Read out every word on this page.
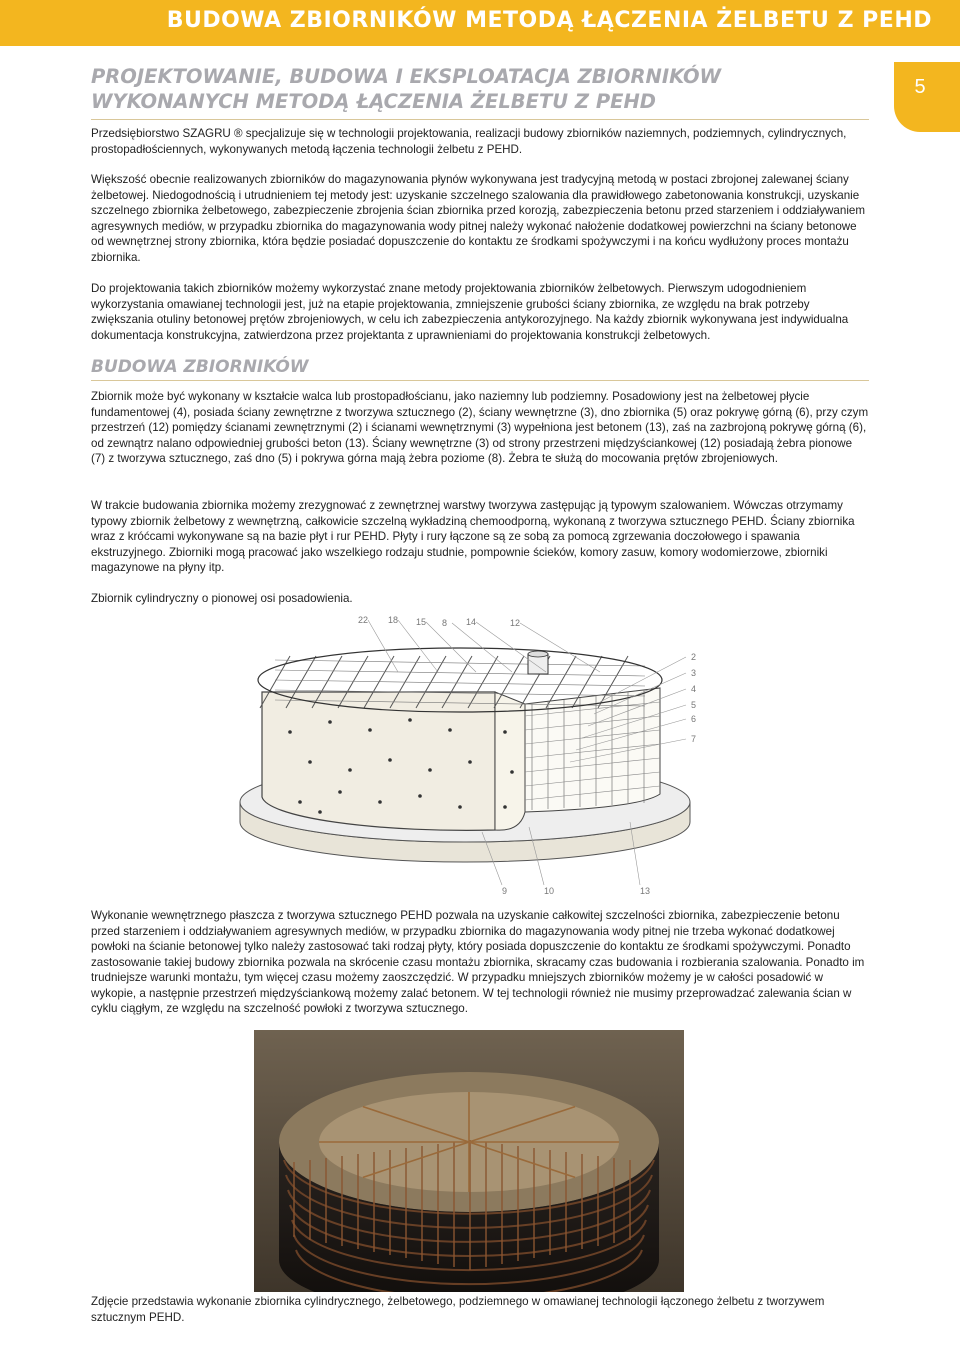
BUDOWA ZBIORNIKÓW METODĄ ŁĄCZENIA ŻELBETU Z PEHD
5
PROJEKTOWANIE, BUDOWA I EKSPLOATACJA ZBIORNIKÓW
WYKONANYCH METODĄ ŁĄCZENIA ŻELBETU Z PEHD

Przedsiębiorstwo SZAGRU ® specjalizuje się w technologii projektowania, realizacji budowy zbiorników naziemnych, podziemnych, cylindrycznych, prostopadłościennych, wykonywanych metodą łączenia technologii żelbetu z PEHD.

Większość obecnie realizowanych zbiorników do magazynowania płynów wykonywana jest tradycyjną metodą w postaci zbrojonej zalewanej ściany żelbetowej. Niedogodnością i utrudnieniem tej metody jest: uzyskanie szczelnego szalowania dla prawidłowego zabetonowania konstrukcji, uzyskanie szczelnego zbiornika żelbetowego, zabezpieczenie zbrojenia ścian zbiornika przed korozją, zabezpieczenia betonu przed starzeniem i oddziaływaniem agresywnych mediów, w przypadku zbiornika do magazynowania wody pitnej należy wykonać nałożenie dodatkowej powierzchni na ściany betonowe od wewnętrznej strony zbiornika, która będzie posiadać dopuszczenie do kontaktu ze środkami spożywczymi i na końcu wydłużony proces montażu zbiornika.

Do projektowania takich zbiorników możemy wykorzystać znane metody projektowania zbiorników żelbetowych. Pierwszym udogodnieniem wykorzystania omawianej technologii jest, już na etapie projektowania, zmniejszenie grubości ściany zbiornika, ze względu na brak potrzeby zwiększania otuliny betonowej prętów zbrojeniowych, w celu ich zabezpieczenia antykorozyjnego. Na każdy zbiornik wykonywana jest indywidualna dokumentacja konstrukcyjna, zatwierdzona przez projektanta z uprawnieniami do projektowania konstrukcji żelbetowych.

BUDOWA ZBIORNIKÓW

Zbiornik może być wykonany w kształcie walca lub prostopadłościanu, jako naziemny lub podziemny. Posadowiony jest na żelbetowej płycie fundamentowej (4), posiada ściany zewnętrzne z tworzywa sztucznego (2), ściany wewnętrzne (3), dno zbiornika (5) oraz pokrywę górną (6), przy czym przestrzeń (12) pomiędzy ścianami zewnętrznymi (2) i ścianami wewnętrznymi (3) wypełniona jest betonem (13), zaś na zazbrojoną pokrywę górną (6), od zewnątrz nalano odpowiedniej grubości beton (13). Ściany wewnętrzne (3) od strony przestrzeni międzyściankowej (12) posiadają żebra pionowe (7) z tworzywa sztucznego, zaś dno (5) i pokrywa górna mają żebra poziome (8). Żebra te służą do mocowania prętów zbrojeniowych.

W trakcie budowania zbiornika możemy zrezygnować z zewnętrznej warstwy tworzywa zastępując ją typowym szalowaniem. Wówczas otrzymamy typowy zbiornik żelbetowy z wewnętrzną, całkowicie szczelną wykładziną chemoodporną, wykonaną z tworzywa sztucznego PEHD. Ściany zbiornika wraz z króćcami wykonywane są na bazie płyt i rur PEHD. Płyty i rury łączone są ze sobą za pomocą zgrzewania doczołowego i spawania ekstruzyjnego. Zbiorniki mogą pracować jako wszelkiego rodzaju studnie, pompownie ścieków, komory zasuw, komory wodomierzowe, zbiorniki magazynowe na płyny itp.

Zbiornik cylindryczny o pionowej osi posadowienia.

22 18 15 8 14	12
2
3
4
5
6
7
9	10	13

Wykonanie wewnętrznego płaszcza z tworzywa sztucznego PEHD pozwala na uzyskanie całkowitej szczelności zbiornika, zabezpieczenie betonu przed starzeniem i oddziaływaniem agresywnych mediów, w przypadku zbiornika do magazynowania wody pitnej nie trzeba wykonać dodatkowej powłoki na ścianie betonowej tylko należy zastosować taki rodzaj płyty, który posiada dopuszczenie do kontaktu ze środkami spożywczymi. Ponadto zastosowanie takiej budowy zbiornika pozwala na skrócenie czasu montażu zbiornika, skracamy czas budowania i rozbierania szalowania. Ponadto im trudniejsze warunki montażu, tym więcej czasu możemy zaoszczędzić. W przypadku mniejszych zbiorników możemy je w całości posadowić w wykopie, a następnie przestrzeń międzyściankową możemy zalać betonem. W tej technologii również nie musimy przeprowadzać zalewania ścian w cyklu ciągłym, ze względu na szczelność powłoki z tworzywa sztucznego.

Zdjęcie przedstawia wykonanie zbiornika cylindrycznego, żelbetowego, podziemnego w omawianej technologii łączonego żelbetu z tworzywem sztucznym PEHD.
